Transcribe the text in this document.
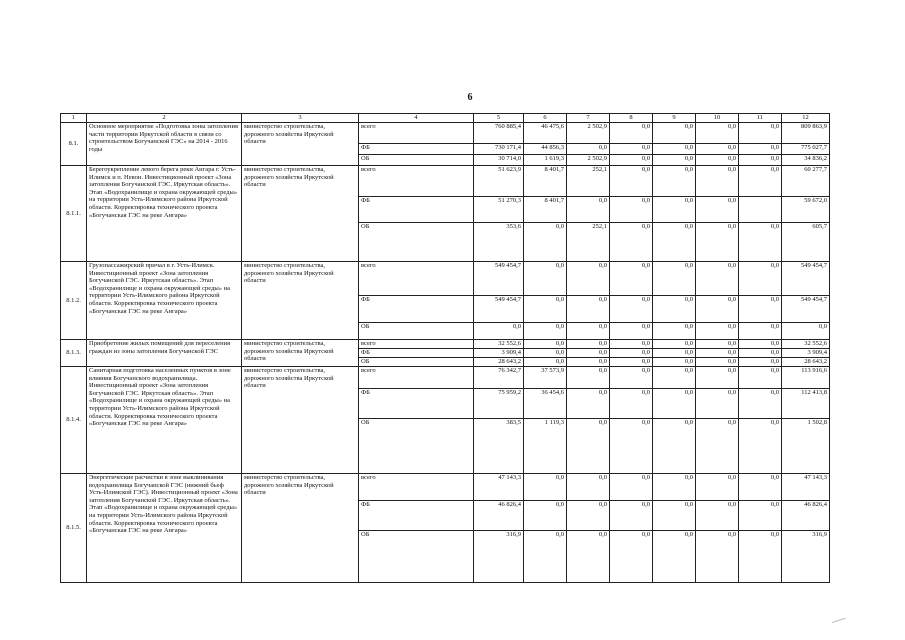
6
1	2	3	4	5	6	7	8	9	10	11	12
8.1.	Основное мероприятие «Подготовка зоны затопления части территории Иркутской области в связи со строительством Богучанской ГЭС» на 2014 - 2016 годы	министерство строительства, дорожного хозяйства Иркутской области	всего	760 885,4	46 475,6	2 502,9	0,0	0,0	0,0	0,0	809 863,9
			ФБ	730 171,4	44 856,3	0,0	0,0	0,0	0,0	0,0	775 027,7
			ОБ	30 714,0	1 619,3	2 502,9	0,0	0,0	0,0	0,0	34 836,2
8.1.1.	Берегоукрепление левого берега реки Ангара г. Усть-Илимск и п. Невон. Инвестиционный проект «Зона затопления Богучанской ГЭС. Иркутская область». Этап «Водохранилище и охрана окружающей среды» на территории Усть-Илимского района Иркутской области. Корректировка технического проекта «Богучанская ГЭС на реке Ангара»	министерство строительства, дорожного хозяйства Иркутской области	всего	51 623,9	8 401,7	252,1	0,0	0,0	0,0	0,0	60 277,7
			ФБ	51 270,3	8 401,7	0,0	0,0	0,0	0,0		59 672,0
			ОБ	353,6	0,0	252,1	0,0	0,0	0,0	0,0	605,7
8.1.2.	Грузопассажирский причал в г. Усть-Илимск. Инвестиционный проект «Зона затопления Богучанской ГЭС. Иркутская область». Этап «Водохранилище и охрана окружающей среды» на территории Усть-Илимского района Иркутской области. Корректировка технического проекта «Богучанская ГЭС на реке Ангара»	министерство строительства, дорожного хозяйства Иркутской области	всего	549 454,7	0,0	0,0	0,0	0,0	0,0	0,0	549 454,7
			ФБ	549 454,7	0,0	0,0	0,0	0,0	0,0	0,0	549 454,7
			ОБ	0,0	0,0	0,0	0,0	0,0	0,0	0,0	0,0
8.1.3.	Приобретение жилых помещений для переселения граждан из зоны затопления Богучанской ГЭС	министерство строительства, дорожного хозяйства Иркутской области	всего	32 552,6	0,0	0,0	0,0	0,0	0,0	0,0	32 552,6
			ФБ	3 909,4	0,0	0,0	0,0	0,0	0,0	0,0	3 909,4
			ОБ	28 643,2	0,0	0,0	0,0	0,0	0,0	0,0	28 643,2
8.1.4.	Санитарная подготовка населенных пунктов в зоне влияния Богучанского водохранилища. Инвестиционный проект «Зона затопления Богучанской ГЭС. Иркутская область». Этап «Водохранилище и охрана окружающей среды» на территории Усть-Илимского района Иркутской области. Корректировка технического проекта «Богучанская ГЭС на реке Ангара»	министерство строительства, дорожного хозяйства Иркутской области	всего	76 342,7	37 573,9	0,0	0,0	0,0	0,0	0,0	113 916,6
			ФБ	75 959,2	36 454,6	0,0	0,0	0,0	0,0	0,0	112 413,8
			ОБ	383,5	1 119,3	0,0	0,0	0,0	0,0	0,0	1 502,8
8.1.5.	Энергетические расчистки в зоне выклинивания водохранилища Богучанской ГЭС (нижний бьеф Усть-Илимской ГЭС). Инвестиционный проект «Зона затопления Богучанской ГЭС. Иркутская область». Этап «Водохранилище и охрана окружающей среды» на территории Усть-Илимского района Иркутской области. Корректировка технического проекта «Богучанская ГЭС на реке Ангара»	министерство строительства, дорожного хозяйства Иркутской области	всего	47 143,3	0,0	0,0	0,0	0,0	0,0	0,0	47 143,3
			ФБ	46 826,4	0,0	0,0	0,0	0,0	0,0	0,0	46 826,4
			ОБ	316,9	0,0	0,0	0,0	0,0	0,0	0,0	316,9
